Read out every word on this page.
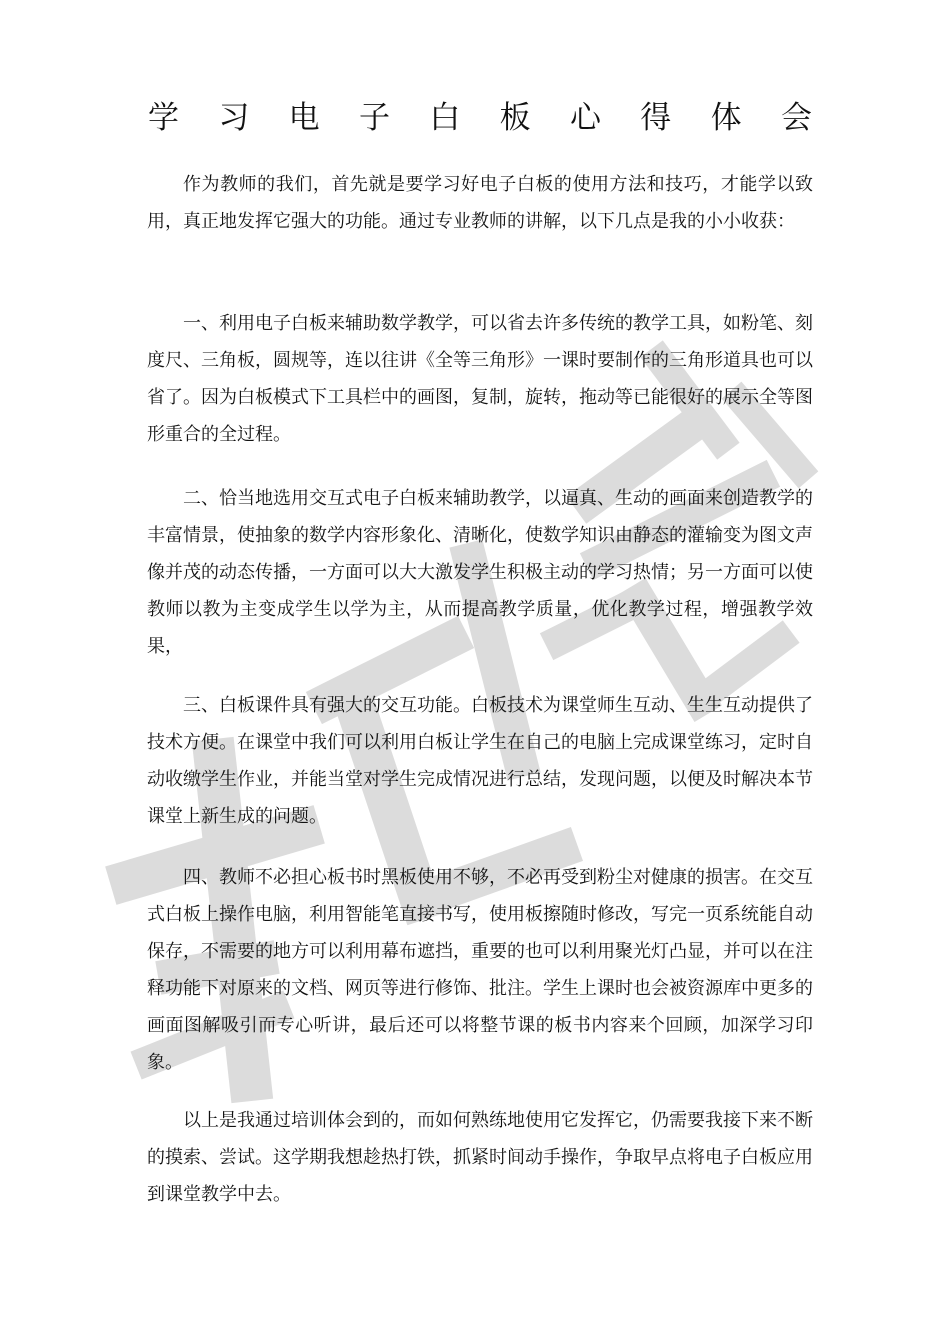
学 习 电 子 白 板 心 得 体 会

作为教师的我们，首先就是要学习好电子白板的使用方法和技巧，才能学以致用，真正地发挥它强大的功能。通过专业教师的讲解，以下几点是我的小小收获：

一、利用电子白板来辅助数学教学，可以省去许多传统的教学工具，如粉笔、刻度尺、三角板，圆规等，连以往讲《全等三角形》一课时要制作的三角形道具也可以省了。因为白板模式下工具栏中的画图，复制，旋转，拖动等已能很好的展示全等图形重合的全过程。

二、恰当地选用交互式电子白板来辅助教学，以逼真、生动的画面来创造教学的丰富情景，使抽象的数学内容形象化、清晰化，使数学知识由静态的灌输变为图文声像并茂的动态传播，一方面可以大大激发学生积极主动的学习热情；另一方面可以使教师以教为主变成学生以学为主，从而提高教学质量，优化教学过程，增强教学效果，

三、白板课件具有强大的交互功能。白板技术为课堂师生互动、生生互动提供了技术方便。在课堂中我们可以利用白板让学生在自己的电脑上完成课堂练习，定时自动收缴学生作业，并能当堂对学生完成情况进行总结，发现问题，以便及时解决本节课堂上新生成的问题。

四、教师不必担心板书时黑板使用不够，不必再受到粉尘对健康的损害。在交互式白板上操作电脑，利用智能笔直接书写，使用板擦随时修改，写完一页系统能自动保存，不需要的地方可以利用幕布遮挡，重要的也可以利用聚光灯凸显，并可以在注释功能下对原来的文档、网页等进行修饰、批注。学生上课时也会被资源库中更多的画面图解吸引而专心听讲，最后还可以将整节课的板书内容来个回顾，加深学习印象。

以上是我通过培训体会到的，而如何熟练地使用它发挥它，仍需要我接下来不断的摸索、尝试。这学期我想趁热打铁，抓紧时间动手操作，争取早点将电子白板应用到课堂教学中去。
